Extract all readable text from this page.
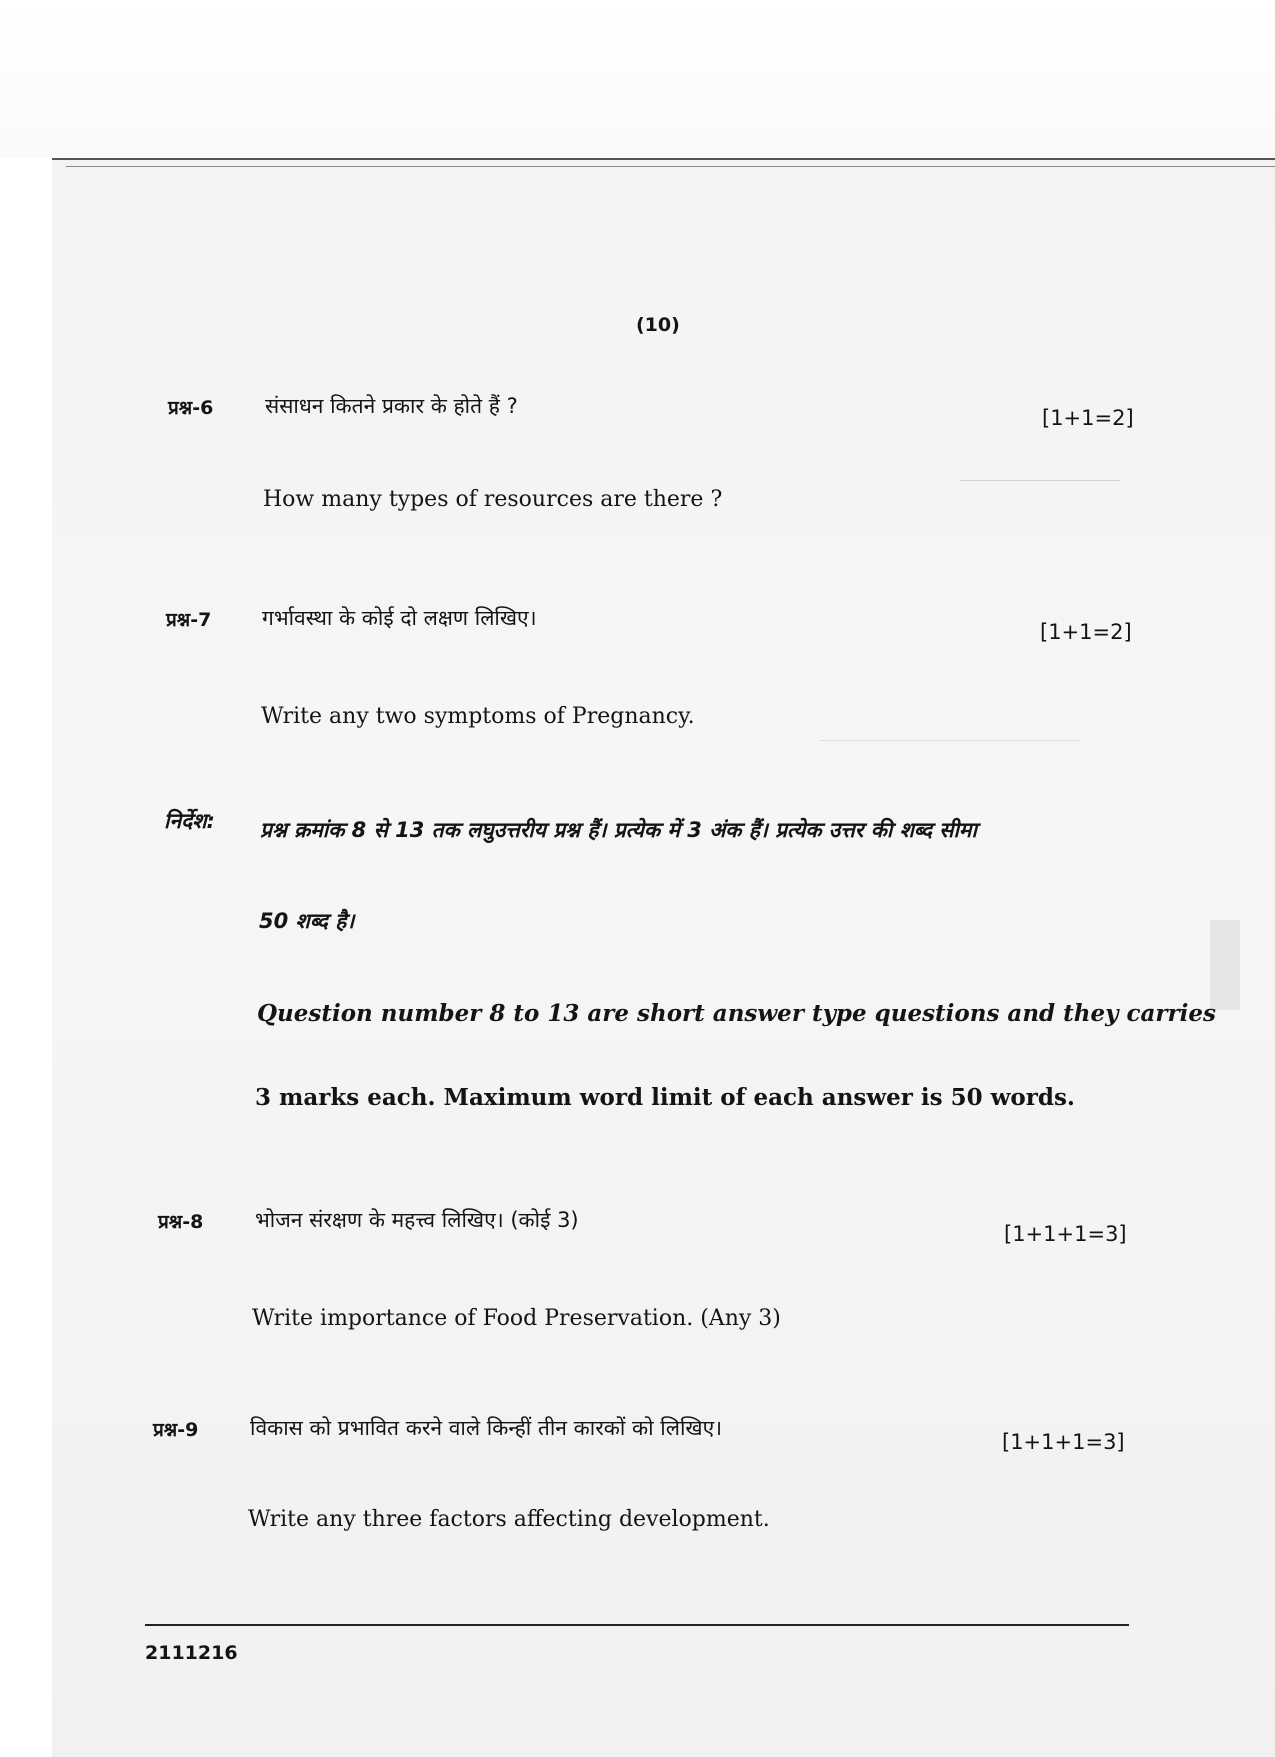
(10)
प्रश्न-6 संसाधन कितने प्रकार के होते हैं ?	[1+1=2]
How many types of resources are there ?
प्रश्न-7 गर्भावस्था के कोई दो लक्षण लिखिए।
[1+1=2]
Write any two symptoms of Pregnancy.
निर्देश: प्रश्न क्रमांक 8 से 13 तक लघुउत्तरीय प्रश्न हैं। प्रत्येक में 3 अंक हैं। प्रत्येक उत्तर की शब्द सीमा
50 शब्द है।
Question number 8 to 13 are short answer type questions and they carries
3 marks each. Maximum word limit of each answer is 50 words.
प्रश्न-8 भोजन संरक्षण के महत्त्व लिखिए। (कोई 3)
[1+1+1=3]
Write importance of Food Preservation. (Any 3)
प्रश्न-9 विकास को प्रभावित करने वाले किन्हीं तीन कारकों को लिखिए।
[1+1+1=3]
Write any three factors affecting development.
2111216
